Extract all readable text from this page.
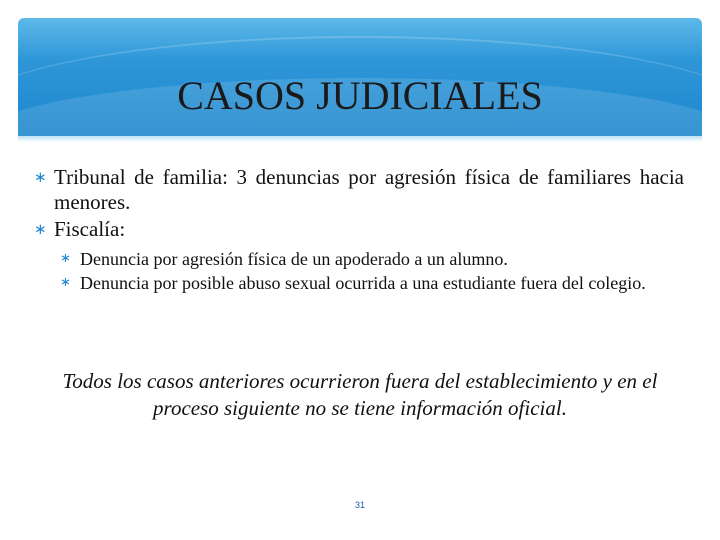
CASOS JUDICIALES
∗ Tribunal de familia: 3 denuncias por agresión física de familiares hacia menores.
∗ Fiscalía:
∗ Denuncia por agresión física de un apoderado a un alumno.
∗ Denuncia por posible abuso sexual ocurrida a una estudiante fuera del colegio.
Todos los casos anteriores ocurrieron fuera del establecimiento y en el proceso siguiente no se tiene información oficial.
31
